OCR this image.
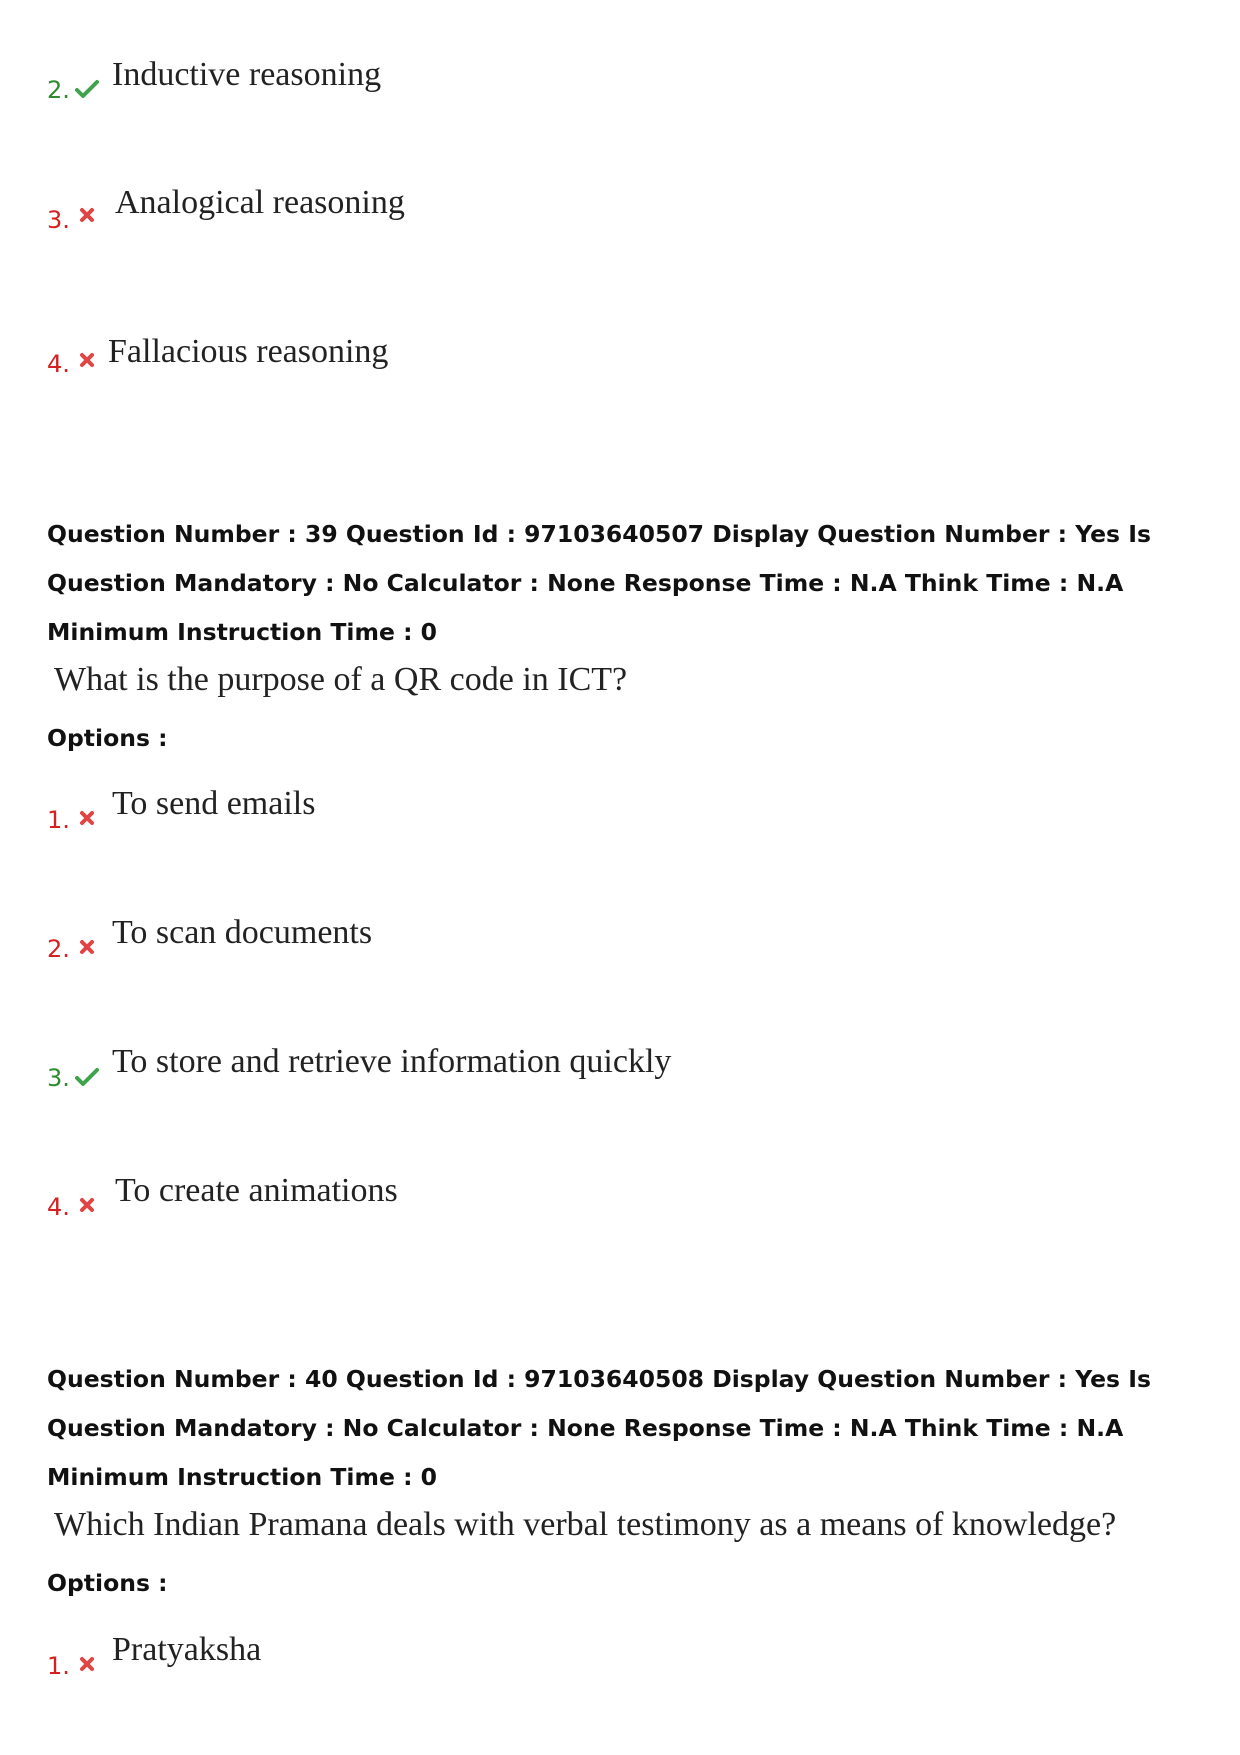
2. Inductive reasoning
3. Analogical reasoning
4. Fallacious reasoning
Question Number : 39 Question Id : 97103640507 Display Question Number : Yes Is Question Mandatory : No Calculator : None Response Time : N.A Think Time : N.A Minimum Instruction Time : 0
What is the purpose of a QR code in ICT?
Options :
1. To send emails
2. To scan documents
3. To store and retrieve information quickly
4. To create animations
Question Number : 40 Question Id : 97103640508 Display Question Number : Yes Is Question Mandatory : No Calculator : None Response Time : N.A Think Time : N.A Minimum Instruction Time : 0
Which Indian Pramana deals with verbal testimony as a means of knowledge?
Options :
1. Pratyaksha
